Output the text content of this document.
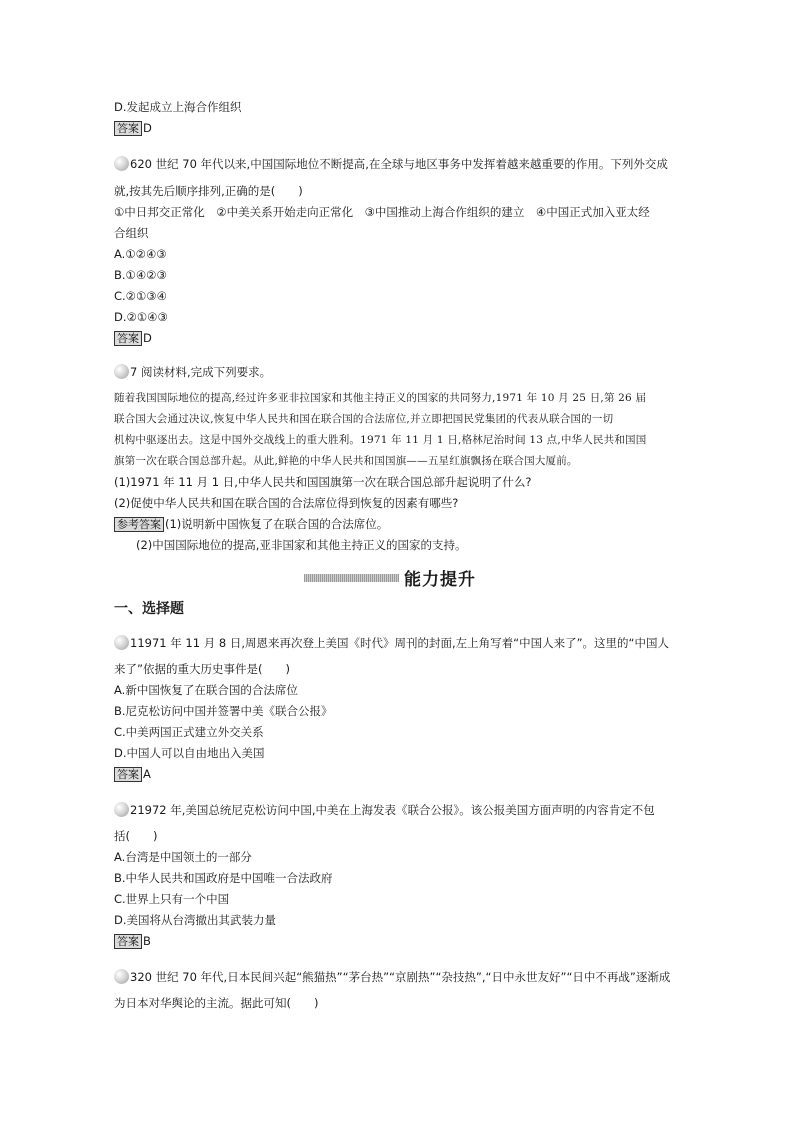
D.发起成立上海合作组织
答案 D
620 世纪 70 年代以来,中国国际地位不断提高,在全球与地区事务中发挥着越来越重要的作用。下列外交成
就,按其先后顺序排列,正确的是(　　)
①中日邦交正常化　②中美关系开始走向正常化　③中国推动上海合作组织的建立　④中国正式加入亚太经
合组织
A.①②④③
B.①④②③
C.②①③④
D.②①④③
答案 D
7 阅读材料,完成下列要求。
随着我国国际地位的提高,经过许多亚非拉国家和其他主持正义的国家的共同努力,1971 年 10 月 25 日,第 26 届
联合国大会通过决议,恢复中华人民共和国在联合国的合法席位,并立即把国民党集团的代表从联合国的一切
机构中驱逐出去。这是中国外交战线上的重大胜利。1971 年 11 月 1 日,格林尼治时间 13 点,中华人民共和国国
旗第一次在联合国总部升起。从此,鲜艳的中华人民共和国国旗——五星红旗飘扬在联合国大厦前。
(1)1971 年 11 月 1 日,中华人民共和国国旗第一次在联合国总部升起说明了什么?
(2)促使中华人民共和国在联合国的合法席位得到恢复的因素有哪些?
参考答案 (1)说明新中国恢复了在联合国的合法席位。
(2)中国国际地位的提高,亚非国家和其他主持正义的国家的支持。
能力提升
一、选择题
11971 年 11 月 8 日,周恩来再次登上美国《时代》周刊的封面,左上角写着“中国人来了”。这里的“中国人
来了”依据的重大历史事件是(　　)
A.新中国恢复了在联合国的合法席位
B.尼克松访问中国并签署中美《联合公报》
C.中美两国正式建立外交关系
D.中国人可以自由地出入美国
答案 A
21972 年,美国总统尼克松访问中国,中美在上海发表《联合公报》。该公报美国方面声明的内容肯定不包
括(　　)
A.台湾是中国领土的一部分
B.中华人民共和国政府是中国唯一合法政府
C.世界上只有一个中国
D.美国将从台湾撤出其武装力量
答案 B
320 世纪 70 年代,日本民间兴起“熊猫热”“茅台热”“京剧热”“杂技热”,“日中永世友好”“日中不再战”逐渐成
为日本对华舆论的主流。据此可知(　　)
